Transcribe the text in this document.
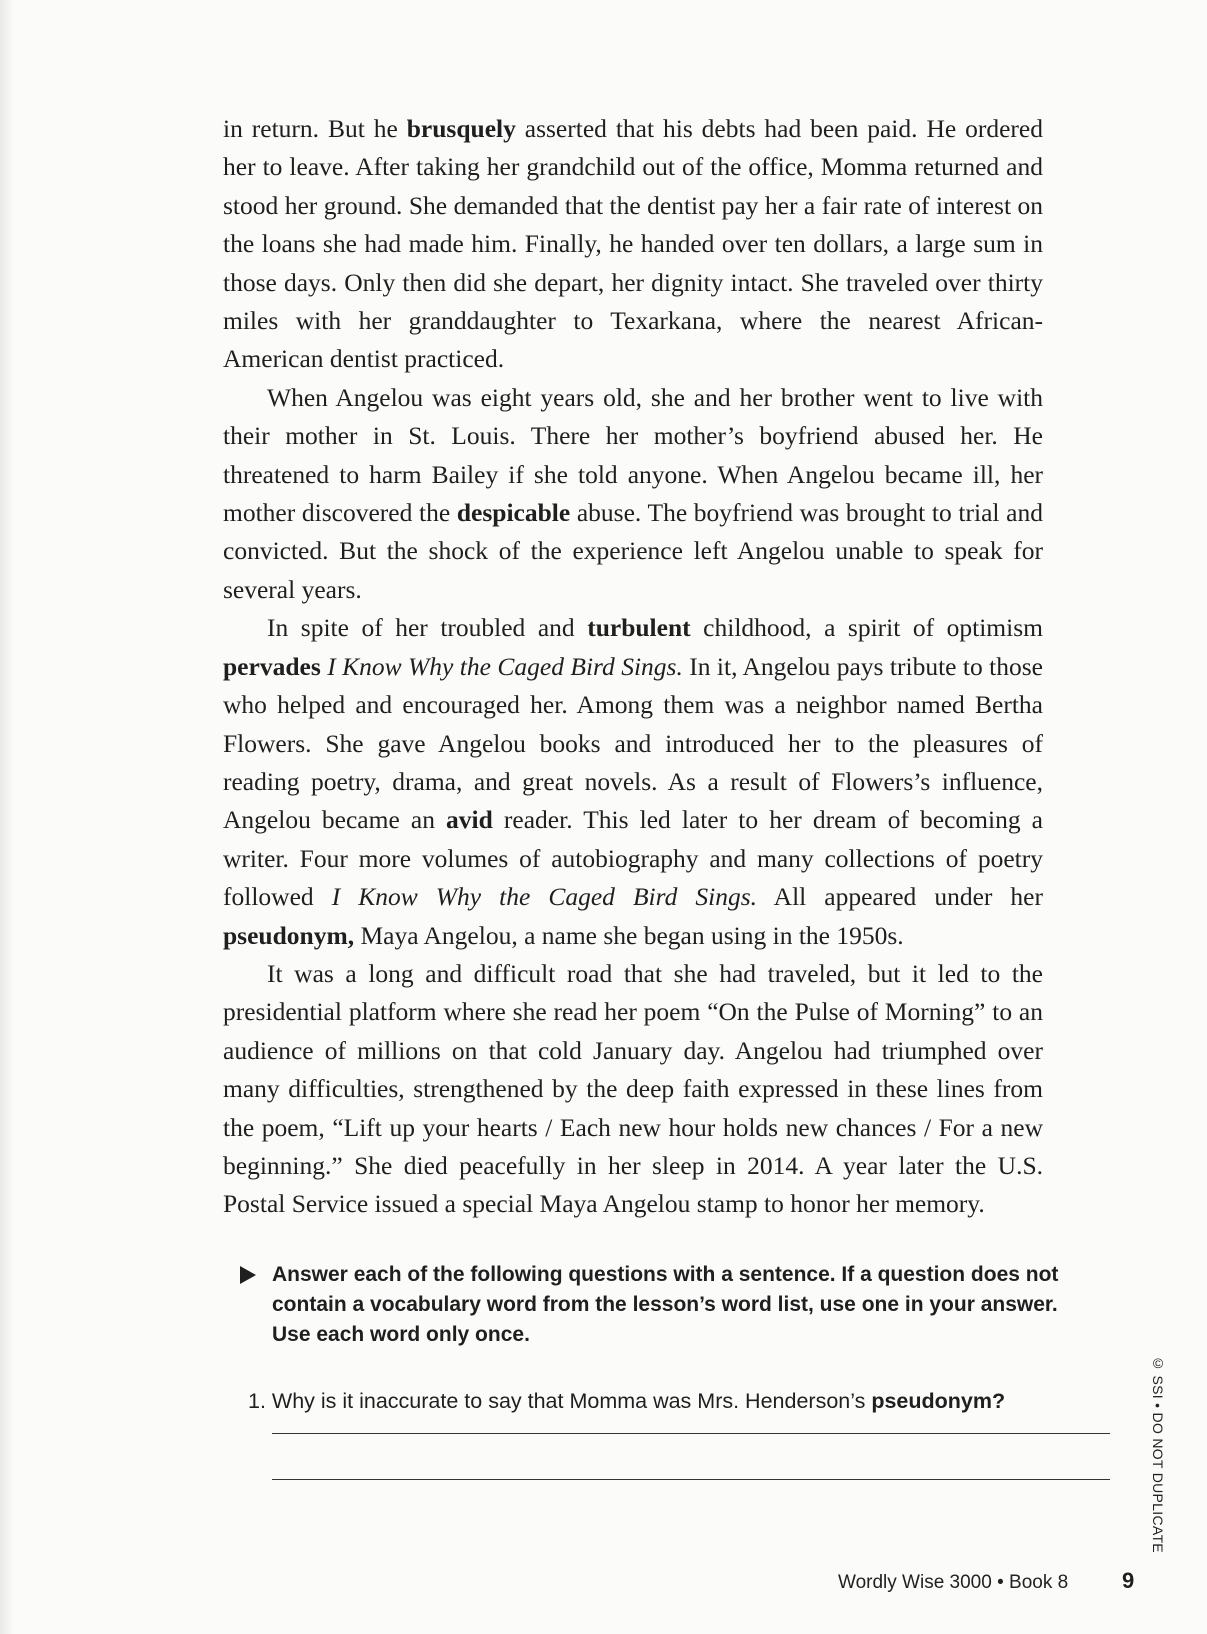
in return. But he brusquely asserted that his debts had been paid. He ordered her to leave. After taking her grandchild out of the office, Momma returned and stood her ground. She demanded that the dentist pay her a fair rate of interest on the loans she had made him. Finally, he handed over ten dollars, a large sum in those days. Only then did she depart, her dignity intact. She traveled over thirty miles with her granddaughter to Texarkana, where the nearest African-American dentist practiced.

When Angelou was eight years old, she and her brother went to live with their mother in St. Louis. There her mother’s boyfriend abused her. He threatened to harm Bailey if she told anyone. When Angelou became ill, her mother discovered the despicable abuse. The boyfriend was brought to trial and convicted. But the shock of the experience left Angelou unable to speak for several years.

In spite of her troubled and turbulent childhood, a spirit of optimism pervades I Know Why the Caged Bird Sings. In it, Angelou pays tribute to those who helped and encouraged her. Among them was a neighbor named Bertha Flowers. She gave Angelou books and introduced her to the pleasures of reading poetry, drama, and great novels. As a result of Flowers’s influence, Angelou became an avid reader. This led later to her dream of becoming a writer. Four more volumes of autobiography and many collections of poetry followed I Know Why the Caged Bird Sings. All appeared under her pseudonym, Maya Angelou, a name she began using in the 1950s.

It was a long and difficult road that she had traveled, but it led to the presidential platform where she read her poem “On the Pulse of Morning” to an audience of millions on that cold January day. Angelou had triumphed over many difficulties, strengthened by the deep faith expressed in these lines from the poem, “Lift up your hearts / Each new hour holds new chances / For a new beginning.” She died peacefully in her sleep in 2014. A year later the U.S. Postal Service issued a special Maya Angelou stamp to honor her memory.

Answer each of the following questions with a sentence. If a question does not contain a vocabulary word from the lesson’s word list, use one in your answer. Use each word only once.
1. Why is it inaccurate to say that Momma was Mrs. Henderson’s pseudonym?	© SSI • DO NOT DUPLICATE
Wordly Wise 3000 • Book 8 9
